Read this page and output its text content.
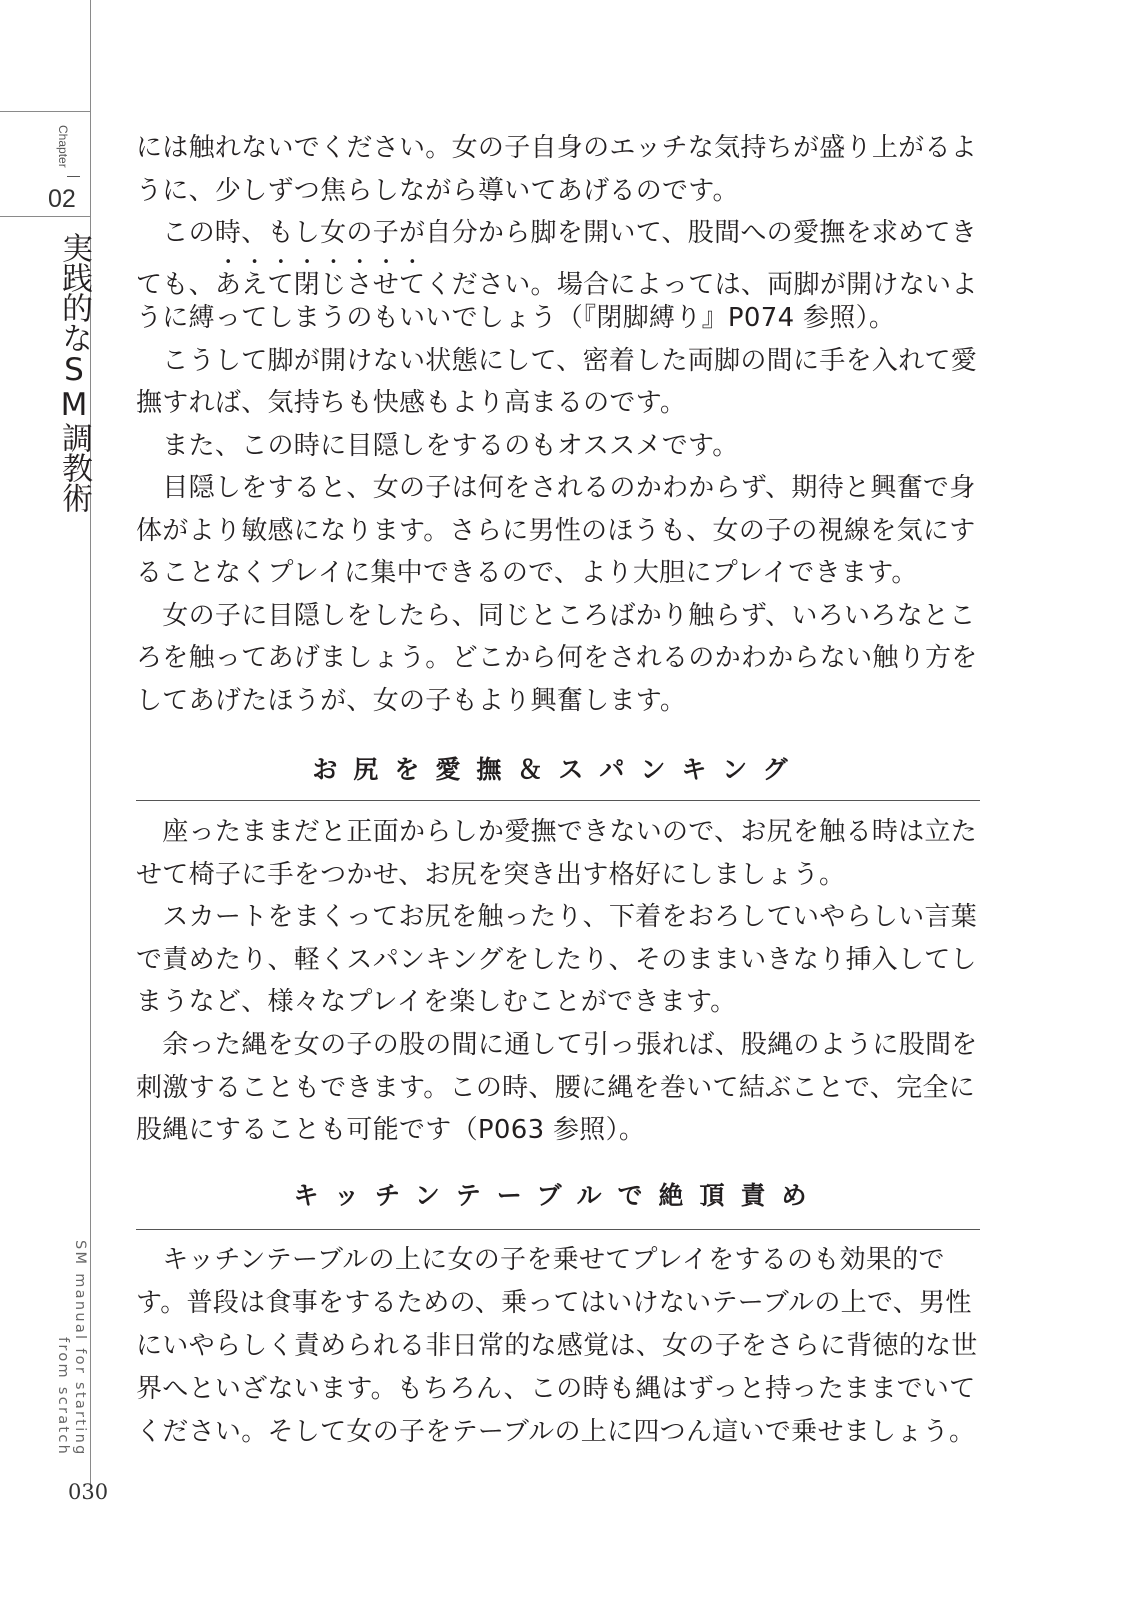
Chapter
02
実践的なSM調教術
SM manual for starting
from scratch
030
には触れないでください。女の子自身のエッチな気持ちが盛り上がるよ
うに、少しずつ焦らしながら導いてあげるのです。
　この時、もし女の子が自分から脚を開いて、股間への愛撫を求めてき
ても、あえて閉じさせてください。場合によっては、両脚が開けないよ
うに縛ってしまうのもいいでしょう（『閉脚縛り』P074 参照）。
　こうして脚が開けない状態にして、密着した両脚の間に手を入れて愛
撫すれば、気持ちも快感もより高まるのです。
　また、この時に目隠しをするのもオススメです。
　目隠しをすると、女の子は何をされるのかわからず、期待と興奮で身
体がより敏感になります。さらに男性のほうも、女の子の視線を気にす
ることなくプレイに集中できるので、より大胆にプレイできます。
　女の子に目隠しをしたら、同じところばかり触らず、いろいろなとこ
ろを触ってあげましょう。どこから何をされるのかわからない触り方を
してあげたほうが、女の子もより興奮します。
お尻を愛撫＆スパンキング
　座ったままだと正面からしか愛撫できないので、お尻を触る時は立た
せて椅子に手をつかせ、お尻を突き出す格好にしましょう。
　スカートをまくってお尻を触ったり、下着をおろしていやらしい言葉
で責めたり、軽くスパンキングをしたり、そのままいきなり挿入してし
まうなど、様々なプレイを楽しむことができます。
　余った縄を女の子の股の間に通して引っ張れば、股縄のように股間を
刺激することもできます。この時、腰に縄を巻いて結ぶことで、完全に
股縄にすることも可能です（P063 参照）。
キッチンテーブルで絶頂責め
　キッチンテーブルの上に女の子を乗せてプレイをするのも効果的で
す。普段は食事をするための、乗ってはいけないテーブルの上で、男性
にいやらしく責められる非日常的な感覚は、女の子をさらに背徳的な世
界へといざないます。もちろん、この時も縄はずっと持ったままでいて
ください。そして女の子をテーブルの上に四つん這いで乗せましょう。
